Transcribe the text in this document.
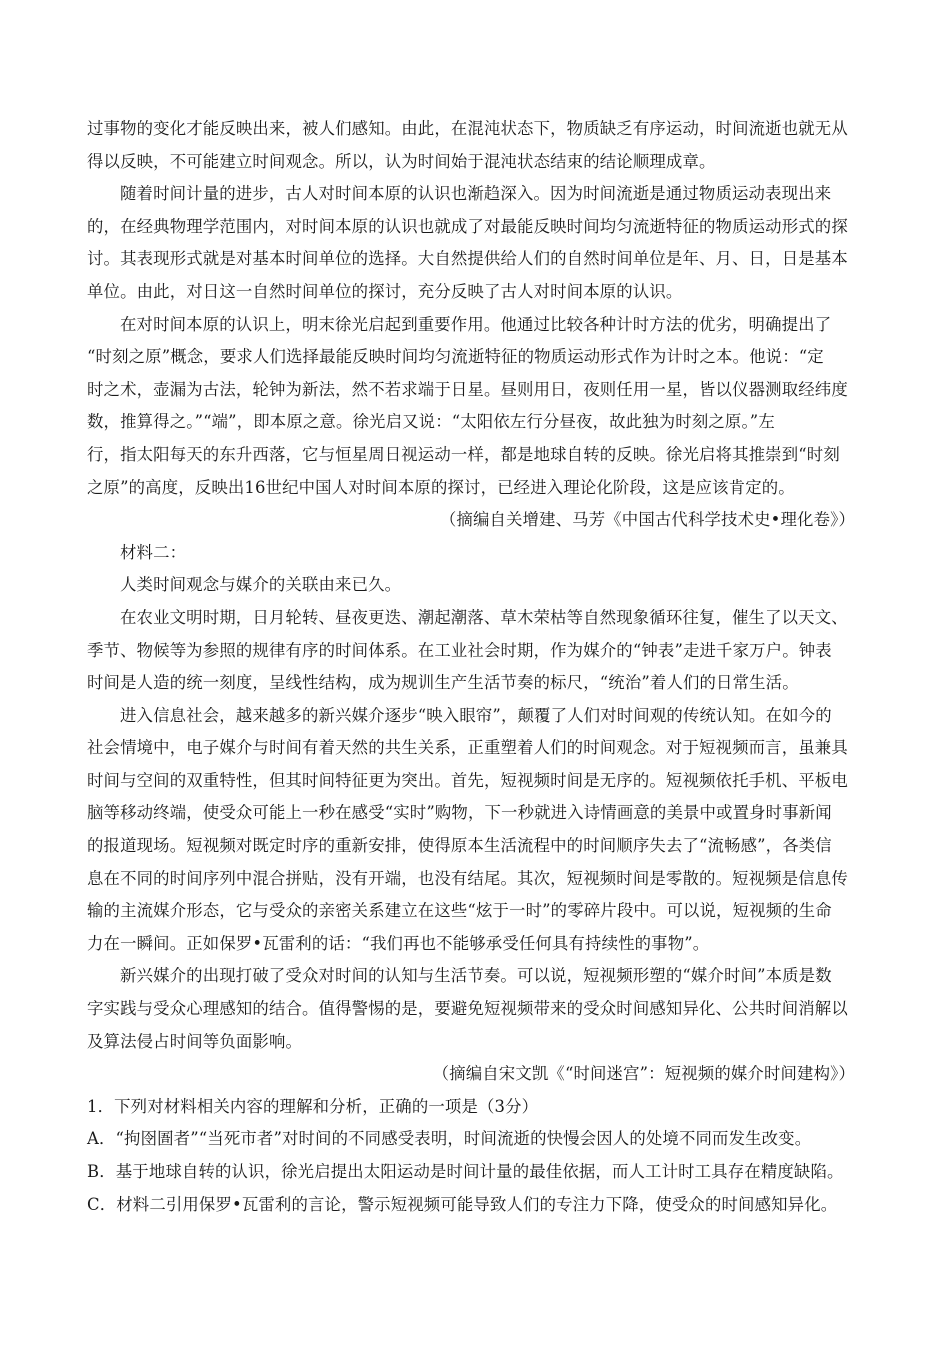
过事物的变化才能反映出来，被人们感知。由此，在混沌状态下，物质缺乏有序运动，时间流逝也就无从
得以反映，不可能建立时间观念。所以，认为时间始于混沌状态结束的结论顺理成章。
随着时间计量的进步，古人对时间本原的认识也渐趋深入。因为时间流逝是通过物质运动表现出来
的，在经典物理学范围内，对时间本原的认识也就成了对最能反映时间均匀流逝特征的物质运动形式的探
讨。其表现形式就是对基本时间单位的选择。大自然提供给人们的自然时间单位是年、月、日，日是基本
单位。由此，对日这一自然时间单位的探讨，充分反映了古人对时间本原的认识。
在对时间本原的认识上，明末徐光启起到重要作用。他通过比较各种计时方法的优劣，明确提出了
“时刻之原”概念，要求人们选择最能反映时间均匀流逝特征的物质运动形式作为计时之本。他说：“定
时之术，壶漏为古法，轮钟为新法，然不若求端于日星。昼则用日，夜则任用一星，皆以仪器测取经纬度
数，推算得之。”“端”，即本原之意。徐光启又说：“太阳依左行分昼夜，故此独为时刻之原。”左
行，指太阳每天的东升西落，它与恒星周日视运动一样，都是地球自转的反映。徐光启将其推崇到“时刻
之原”的高度，反映出16世纪中国人对时间本原的探讨，已经进入理论化阶段，这是应该肯定的。
（摘编自关增建、马芳《中国古代科学技术史•理化卷》）
材料二：
人类时间观念与媒介的关联由来已久。
在农业文明时期，日月轮转、昼夜更迭、潮起潮落、草木荣枯等自然现象循环往复，催生了以天文、
季节、物候等为参照的规律有序的时间体系。在工业社会时期，作为媒介的“钟表”走进千家万户。钟表
时间是人造的统一刻度，呈线性结构，成为规训生产生活节奏的标尺，“统治”着人们的日常生活。
进入信息社会，越来越多的新兴媒介逐步“映入眼帘”，颠覆了人们对时间观的传统认知。在如今的
社会情境中，电子媒介与时间有着天然的共生关系，正重塑着人们的时间观念。对于短视频而言，虽兼具
时间与空间的双重特性，但其时间特征更为突出。首先，短视频时间是无序的。短视频依托手机、平板电
脑等移动终端，使受众可能上一秒在感受“实时”购物，下一秒就进入诗情画意的美景中或置身时事新闻
的报道现场。短视频对既定时序的重新安排，使得原本生活流程中的时间顺序失去了“流畅感”，各类信
息在不同的时间序列中混合拼贴，没有开端，也没有结尾。其次，短视频时间是零散的。短视频是信息传
输的主流媒介形态，它与受众的亲密关系建立在这些“炫于一时”的零碎片段中。可以说，短视频的生命
力在一瞬间。正如保罗•瓦雷利的话：“我们再也不能够承受任何具有持续性的事物”。
新兴媒介的出现打破了受众对时间的认知与生活节奏。可以说，短视频形塑的“媒介时间”本质是数
字实践与受众心理感知的结合。值得警惕的是，要避免短视频带来的受众时间感知异化、公共时间消解以
及算法侵占时间等负面影响。
（摘编自宋文凯《“时间迷宫”：短视频的媒介时间建构》）
1．下列对材料相关内容的理解和分析，正确的一项是（3分）
A．“拘囹圄者”“当死市者”对时间的不同感受表明，时间流逝的快慢会因人的处境不同而发生改变。
B．基于地球自转的认识，徐光启提出太阳运动是时间计量的最佳依据，而人工计时工具存在精度缺陷。
C．材料二引用保罗•瓦雷利的言论，警示短视频可能导致人们的专注力下降，使受众的时间感知异化。
